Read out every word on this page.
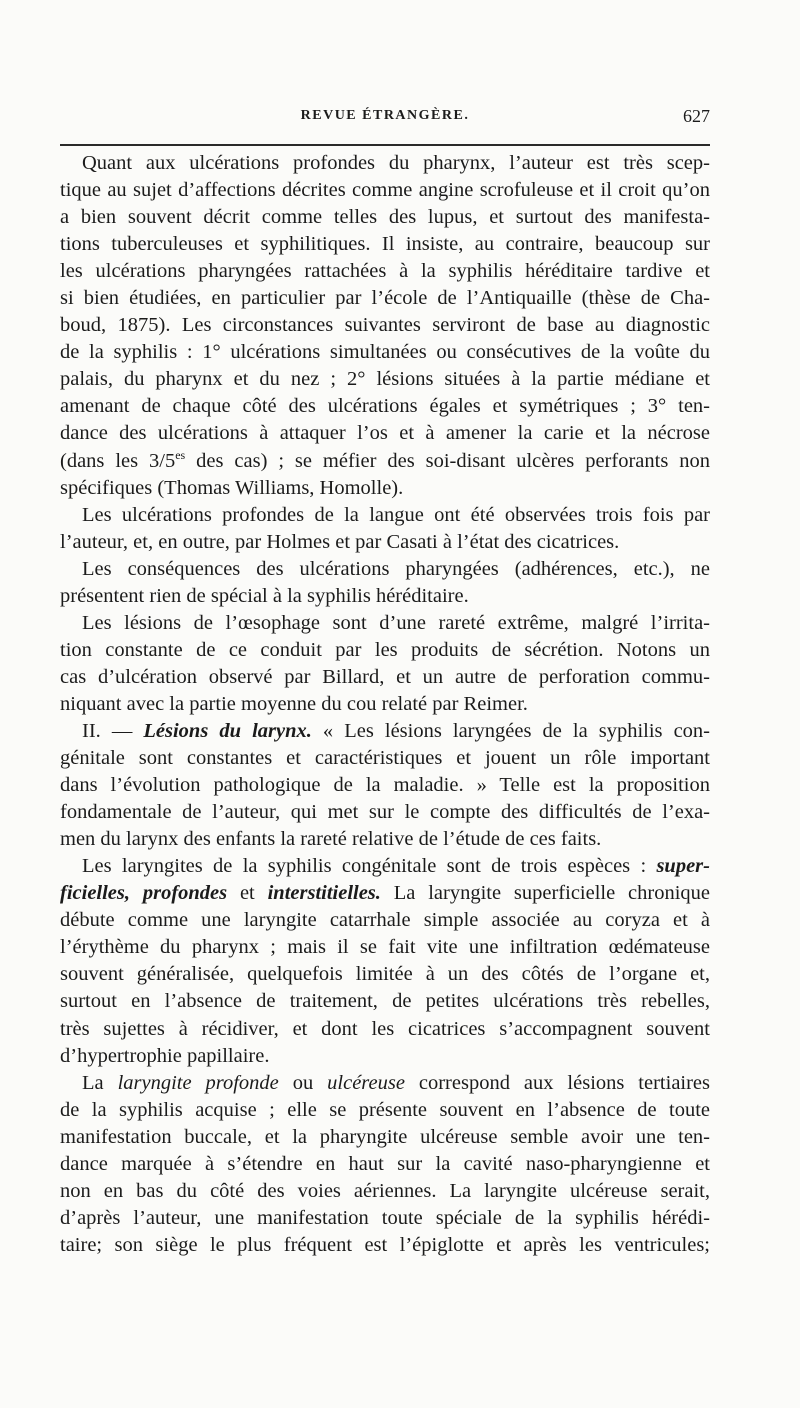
REVUE ÉTRANGÈRE.	627
Quant aux ulcérations profondes du pharynx, l’auteur est très scep-
tique au sujet d’affections décrites comme angine scrofuleuse et il croit qu’on
a bien souvent décrit comme telles des lupus, et surtout des manifesta-
tions tuberculeuses et syphilitiques. Il insiste, au contraire, beaucoup sur
les ulcérations pharyngées rattachées à la syphilis héréditaire tardive et
si bien étudiées, en particulier par l’école de l’Antiquaille (thèse de Cha-
boud, 1875). Les circonstances suivantes serviront de base au diagnostic
de la syphilis : 1° ulcérations simultanées ou consécutives de la voûte du
palais, du pharynx et du nez ; 2° lésions situées à la partie médiane et
amenant de chaque côté des ulcérations égales et symétriques ; 3° ten-
dance des ulcérations à attaquer l’os et à amener la carie et la nécrose
(dans les $3/5^{es}$ des cas) ; se méfier des soi-disant ulcères perforants non
spécifiques (Thomas Williams, Homolle).
Les ulcérations profondes de la langue ont été observées trois fois par
l’auteur, et, en outre, par Holmes et par Casati à l’état des cicatrices.
Les conséquences des ulcérations pharyngées (adhérences, etc.), ne
présentent rien de spécial à la syphilis héréditaire.
Les lésions de l’œsophage sont d’une rareté extrême, malgré l’irrita-
tion constante de ce conduit par les produits de sécrétion. Notons un
cas d’ulcération observé par Billard, et un autre de perforation commu-
niquant avec la partie moyenne du cou relaté par Reimer.
II. — Lésions du larynx. « Les lésions laryngées de la syphilis con-
génitale sont constantes et caractéristiques et jouent un rôle important
dans l’évolution pathologique de la maladie. » Telle est la proposition
fondamentale de l’auteur, qui met sur le compte des difficultés de l’exa-
men du larynx des enfants la rareté relative de l’étude de ces faits.
Les laryngites de la syphilis congénitale sont de trois espèces : super-
ficielles, profondes et interstitielles. La laryngite superficielle chronique
débute comme une laryngite catarrhale simple associée au coryza et à
l’érythème du pharynx ; mais il se fait vite une infiltration œdémateuse
souvent généralisée, quelquefois limitée à un des côtés de l’organe et,
surtout en l’absence de traitement, de petites ulcérations très rebelles,
très sujettes à récidiver, et dont les cicatrices s’accompagnent souvent
d’hypertrophie papillaire.
La laryngite profonde ou ulcéreuse correspond aux lésions tertiaires
de la syphilis acquise ; elle se présente souvent en l’absence de toute
manifestation buccale, et la pharyngite ulcéreuse semble avoir une ten-
dance marquée à s’étendre en haut sur la cavité naso-pharyngienne et
non en bas du côté des voies aériennes. La laryngite ulcéreuse serait,
d’après l’auteur, une manifestation toute spéciale de la syphilis hérédi-
taire; son siège le plus fréquent est l’épiglotte et après les ventricules;
